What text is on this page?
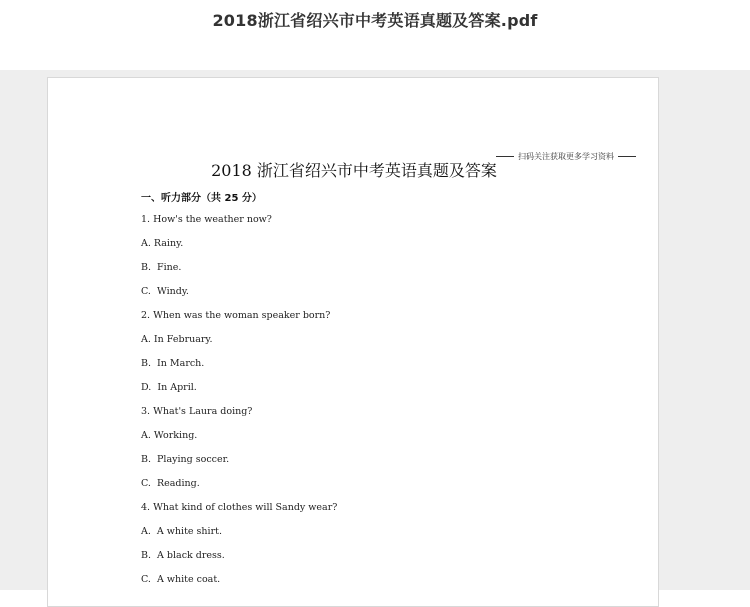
2018浙江省绍兴市中考英语真题及答案.pdf
扫码关注获取更多学习资料
2018 浙江省绍兴市中考英语真题及答案
一、听力部分（共 25 分）
1. How's the weather now?
A. Rainy.
B.  Fine.
C.  Windy.
2. When was the woman speaker born?
A. In February.
B.  In March.
D.  In April.
3. What's Laura doing?
A. Working.
B.  Playing soccer.
C.  Reading.
4. What kind of clothes will Sandy wear?
A.  A white shirt.
B.  A black dress.
C.  A white coat.
